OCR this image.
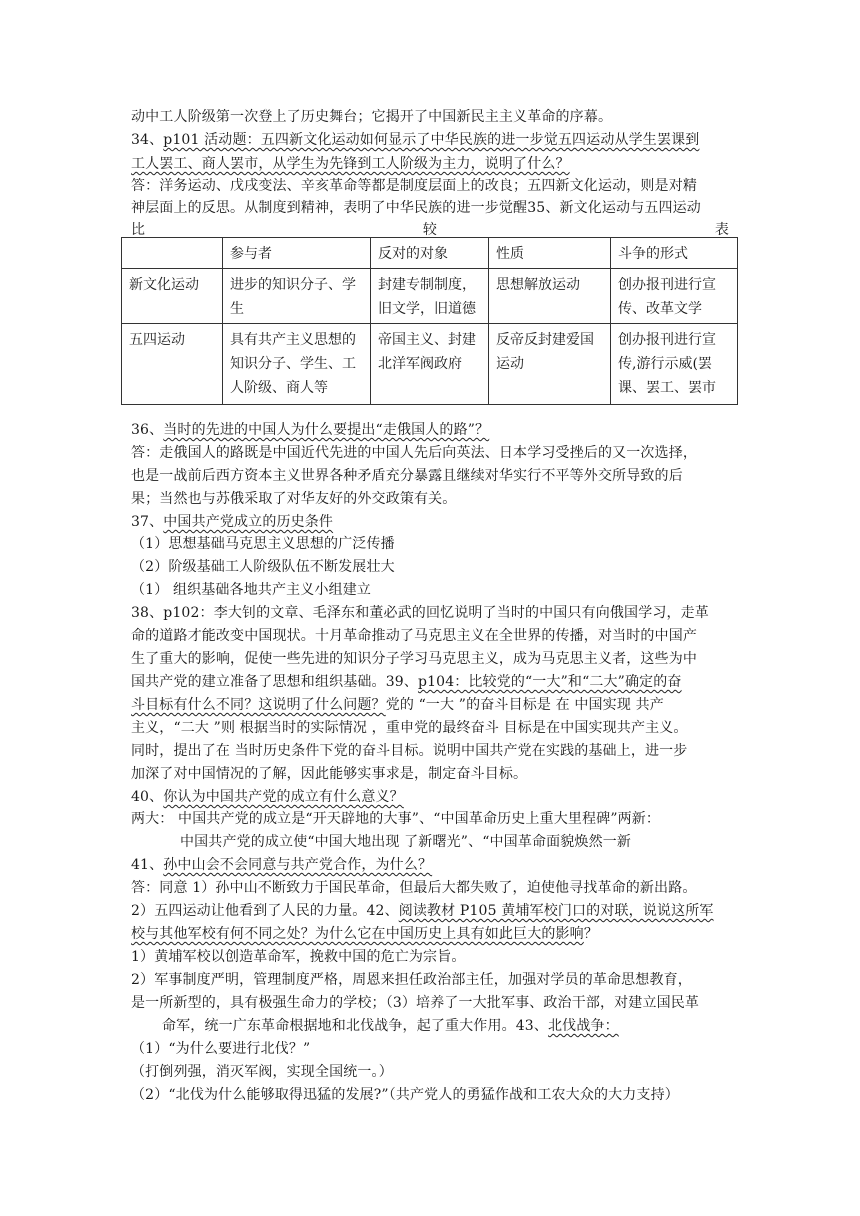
动中工人阶级第一次登上了历史舞台；它揭开了中国新民主主义革命的序幕。
34、p101 活动题：五四新文化运动如何显示了中华民族的进一步觉五四运动从学生罢课到
工人罢工、商人罢市，从学生为先锋到工人阶级为主力，说明了什么？
答：洋务运动、戊戌变法、辛亥革命等都是制度层面上的改良；五四新文化运动，则是对精
神层面上的反思。从制度到精神，表明了中华民族的进一步觉醒35、新文化运动与五四运动
比	较	表
	参与者	反对的对象	性质	斗争的形式
新文化运动	进步的知识分子、学生	封建专制制度，旧文学，旧道德	思想解放运动	创办报刊进行宣传、改革文学
五四运动	具有共产主义思想的知识分子、学生、工人阶级、商人等	帝国主义、封建北洋军阀政府	反帝反封建爱国运动	创办报刊进行宣传,游行示威(罢课、罢工、罢市
36、当时的先进的中国人为什么要提出“走俄国人的路”？
答：走俄国人的路既是中国近代先进的中国人先后向英法、日本学习受挫后的又一次选择，
也是一战前后西方资本主义世界各种矛盾充分暴露且继续对华实行不平等外交所导致的后
果；当然也与苏俄采取了对华友好的外交政策有关。
37、中国共产党成立的历史条件
（1）思想基础马克思主义思想的广泛传播
（2）阶级基础工人阶级队伍不断发展壮大
（1） 组织基础各地共产主义小组建立
38、p102：李大钊的文章、毛泽东和董必武的回忆说明了当时的中国只有向俄国学习，走革
命的道路才能改变中国现状。十月革命推动了马克思主义在全世界的传播，对当时的中国产
生了重大的影响，促使一些先进的知识分子学习马克思主义，成为马克思主义者，这些为中
国共产党的建立准备了思想和组织基础。39、p104：比较党的“一大”和“二大”确定的奋
斗目标有什么不同？这说明了什么问题？党的 “一大 ”的奋斗目标是 在 中国实现 共产
主义，“二大 ”则 根据当时的实际情况 ，重申党的最终奋斗 目标是在中国实现共产主义。
同时，提出了在 当时历史条件下党的奋斗目标。说明中国共产党在实践的基础上，进一步
加深了对中国情况的了解，因此能够实事求是，制定奋斗目标。
40、你认为中国共产党的成立有什么意义？
两大： 中国共产党的成立是“开天辟地的大事”、“中国革命历史上重大里程碑”两新：
中国共产党的成立使“中国大地出现 了新曙光”、“中国革命面貌焕然一新
41、孙中山会不会同意与共产党合作，为什么？
答：同意 1）孙中山不断致力于国民革命，但最后大都失败了，迫使他寻找革命的新出路。
2）五四运动让他看到了人民的力量。42、阅读教材 P105 黄埔军校门口的对联，说说这所军
校与其他军校有何不同之处？为什么它在中国历史上具有如此巨大的影响？
1）黄埔军校以创造革命军，挽救中国的危亡为宗旨。
2）军事制度严明，管理制度严格，周恩来担任政治部主任，加强对学员的革命思想教育，
是一所新型的，具有极强生命力的学校；（3）培养了一大批军事、政治干部，对建立国民革
命军，统一广东革命根据地和北伐战争，起了重大作用。43、北伐战争：
（1）“为什么要进行北伐？”
（打倒列强，消灭军阀，实现全国统一。）
（2）“北伐为什么能够取得迅猛的发展?”（共产党人的勇猛作战和工农大众的大力支持）
